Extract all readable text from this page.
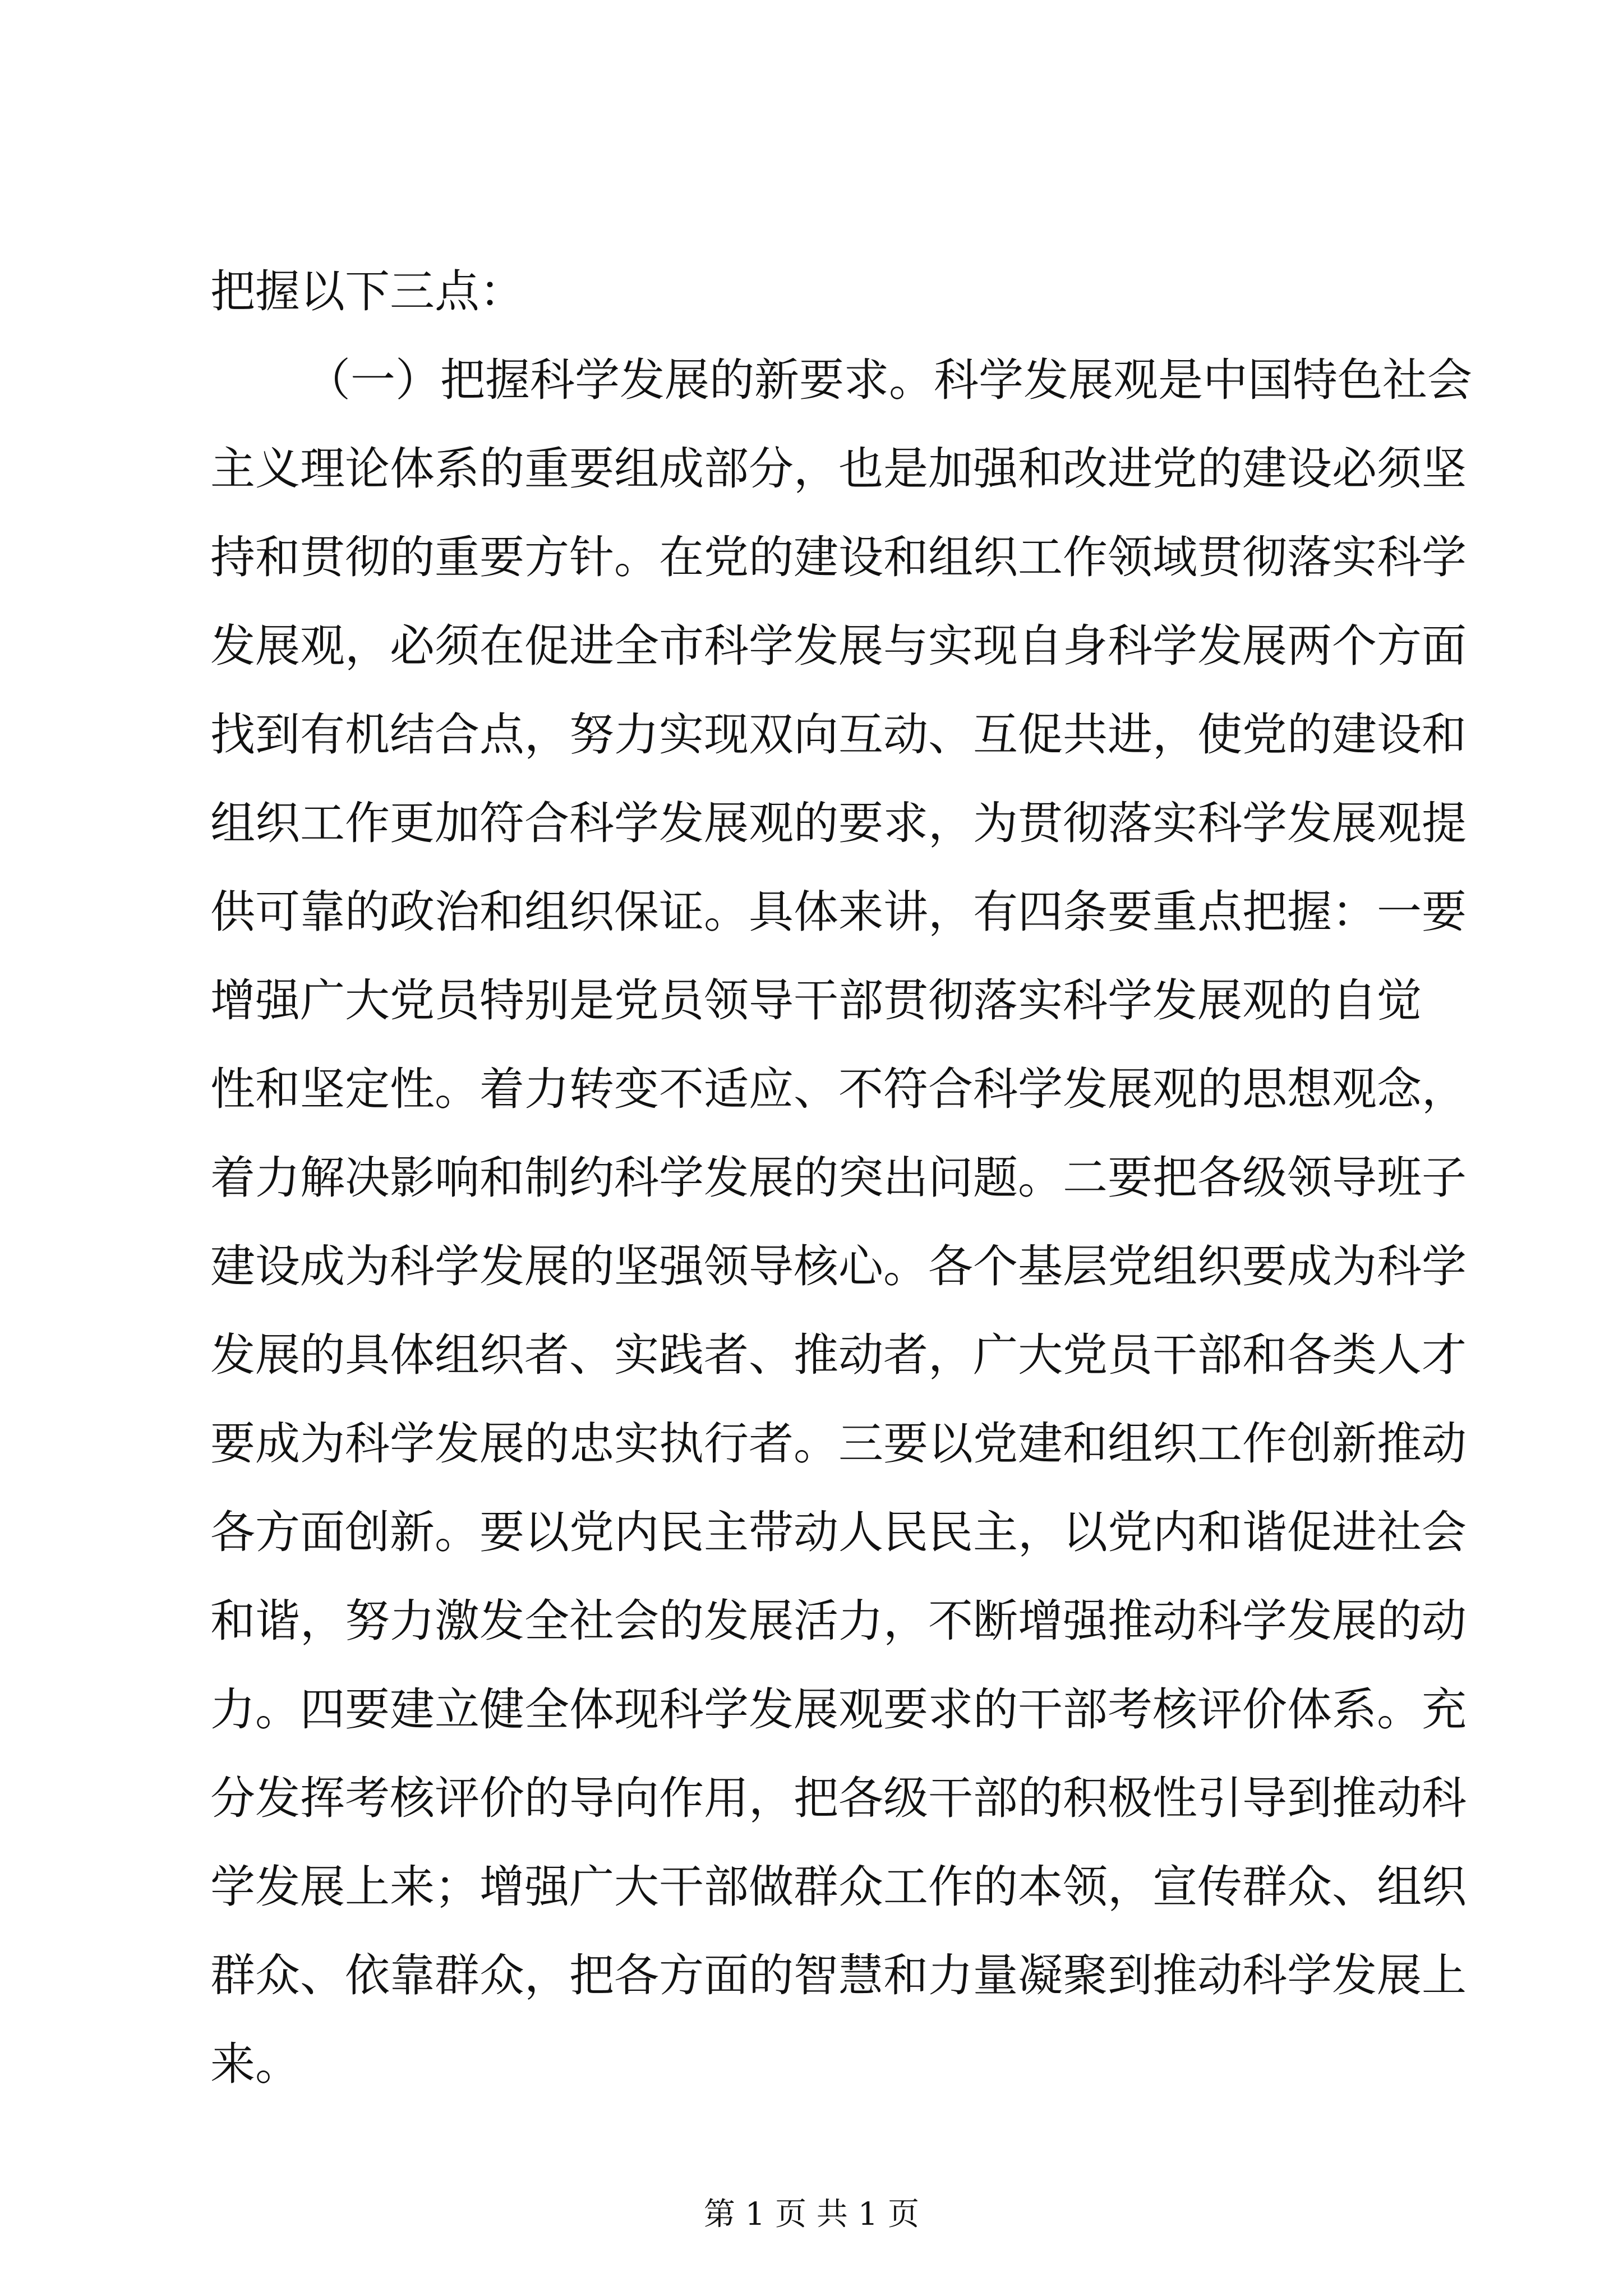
把握以下三点：
（一）把握科学发展的新要求。科学发展观是中国特色社会
主义理论体系的重要组成部分，也是加强和改进党的建设必须坚
持和贯彻的重要方针。在党的建设和组织工作领域贯彻落实科学
发展观，必须在促进全市科学发展与实现自身科学发展两个方面
找到有机结合点，努力实现双向互动、互促共进，使党的建设和
组织工作更加符合科学发展观的要求，为贯彻落实科学发展观提
供可靠的政治和组织保证。具体来讲，有四条要重点把握：一要
增强广大党员特别是党员领导干部贯彻落实科学发展观的自觉
性和坚定性。着力转变不适应、不符合科学发展观的思想观念，
着力解决影响和制约科学发展的突出问题。二要把各级领导班子
建设成为科学发展的坚强领导核心。各个基层党组织要成为科学
发展的具体组织者、实践者、推动者，广大党员干部和各类人才
要成为科学发展的忠实执行者。三要以党建和组织工作创新推动
各方面创新。要以党内民主带动人民民主，以党内和谐促进社会
和谐，努力激发全社会的发展活力，不断增强推动科学发展的动
力。四要建立健全体现科学发展观要求的干部考核评价体系。充
分发挥考核评价的导向作用，把各级干部的积极性引导到推动科
学发展上来；增强广大干部做群众工作的本领，宣传群众、组织
群众、依靠群众，把各方面的智慧和力量凝聚到推动科学发展上
来。
第 1 页 共 1 页
